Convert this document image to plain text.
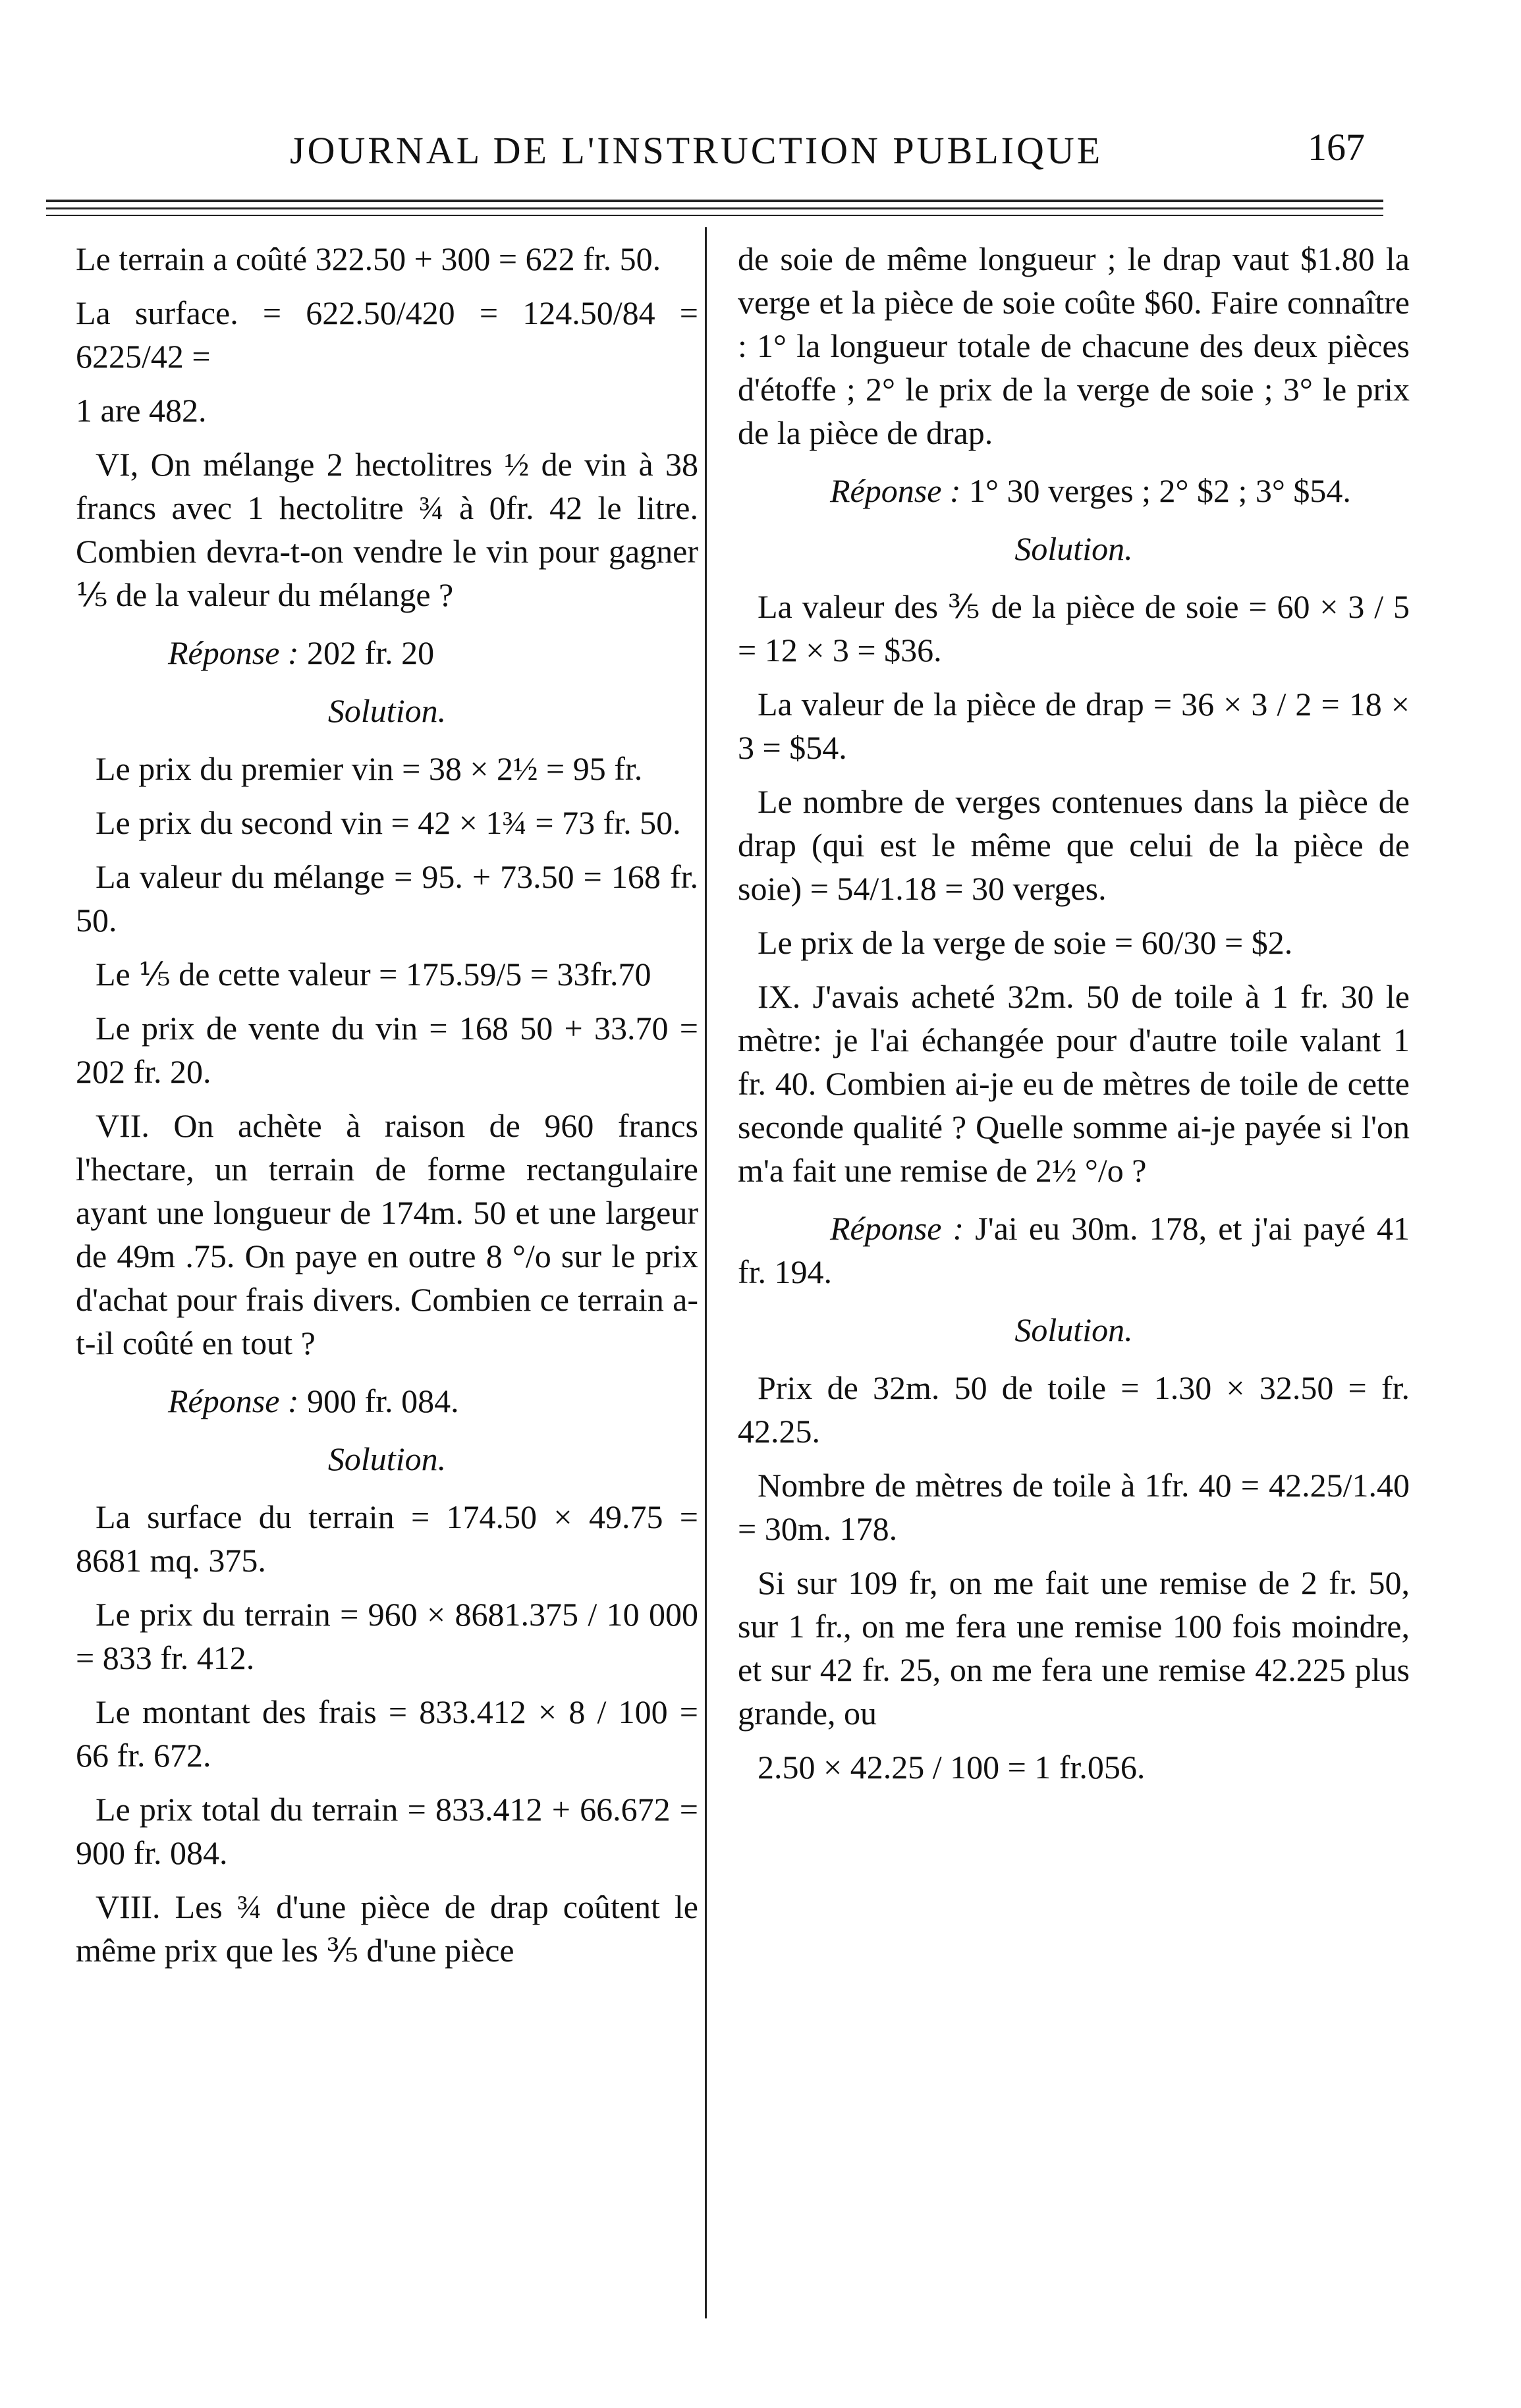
JOURNAL DE L'INSTRUCTION PUBLIQUE	167

Le terrain a coûté 322.50 + 300 = 622 fr. 50.

La surface. = 622.50/420 = 124.50/84 = 6225/42 =

1 are 482.

VI, On mélange 2 hectolitres ½ de vin à 38 francs avec 1 hectolitre ¾ à 0fr. 42 le litre. Combien devra-t-on vendre le vin pour gagner ⅕ de la valeur du mélange ?

Réponse : 202 fr. 20

Solution.

Le prix du premier vin = 38 × 2½ = 95 fr.

Le prix du second vin = 42 × 1¾ = 73 fr. 50.

La valeur du mélange = 95. + 73.50 = 168 fr. 50.

Le ⅕ de cette valeur = 175.59/5 = 33fr.70

Le prix de vente du vin = 168 50 + 33.70 = 202 fr. 20.

VII. On achète à raison de 960 francs l'hectare, un terrain de forme rectangulaire ayant une longueur de 174m. 50 et une largeur de 49m .75. On paye en outre 8 °/o sur le prix d'achat pour frais divers. Combien ce terrain a-t-il coûté en tout ?

Réponse : 900 fr. 084.

Solution.

La surface du terrain = 174.50 × 49.75 = 8681 mq. 375.

Le prix du terrain = 960 × 8681.375 / 10 000 = 833 fr. 412.

Le montant des frais = 833.412 × 8 / 100 = 66 fr. 672.

Le prix total du terrain = 833.412 + 66.672 = 900 fr. 084.

VIII. Les ¾ d'une pièce de drap coûtent le même prix que les ⅗ d'une pièce

de soie de même longueur ; le drap vaut $1.80 la verge et la pièce de soie coûte $60. Faire connaître : 1° la longueur totale de chacune des deux pièces d'étoffe ; 2° le prix de la verge de soie ; 3° le prix de la pièce de drap.

Réponse : 1° 30 verges ; 2° $2 ; 3° $54.

Solution.

La valeur des ⅗ de la pièce de soie = 60 × 3 / 5 = 12 × 3 = $36.

La valeur de la pièce de drap = 36 × 3 / 2 = 18 × 3 = $54.

Le nombre de verges contenues dans la pièce de drap (qui est le même que celui de la pièce de soie) = 54/1.18 = 30 verges.

Le prix de la verge de soie = 60/30 = $2.

IX. J'avais acheté 32m. 50 de toile à 1 fr. 30 le mètre: je l'ai échangée pour d'autre toile valant 1 fr. 40. Combien ai-je eu de mètres de toile de cette seconde qualité ? Quelle somme ai-je payée si l'on m'a fait une remise de 2½ °/o ?

Réponse : J'ai eu 30m. 178, et j'ai payé 41 fr. 194.

Solution.

Prix de 32m. 50 de toile = 1.30 × 32.50 = fr. 42.25.

Nombre de mètres de toile à 1fr. 40 = 42.25/1.40 = 30m. 178.

Si sur 109 fr, on me fait une remise de 2 fr. 50, sur 1 fr., on me fera une remise 100 fois moindre, et sur 42 fr. 25, on me fera une remise 42.225 plus grande, ou

2.50 × 42.25 / 100 = 1 fr.056.
